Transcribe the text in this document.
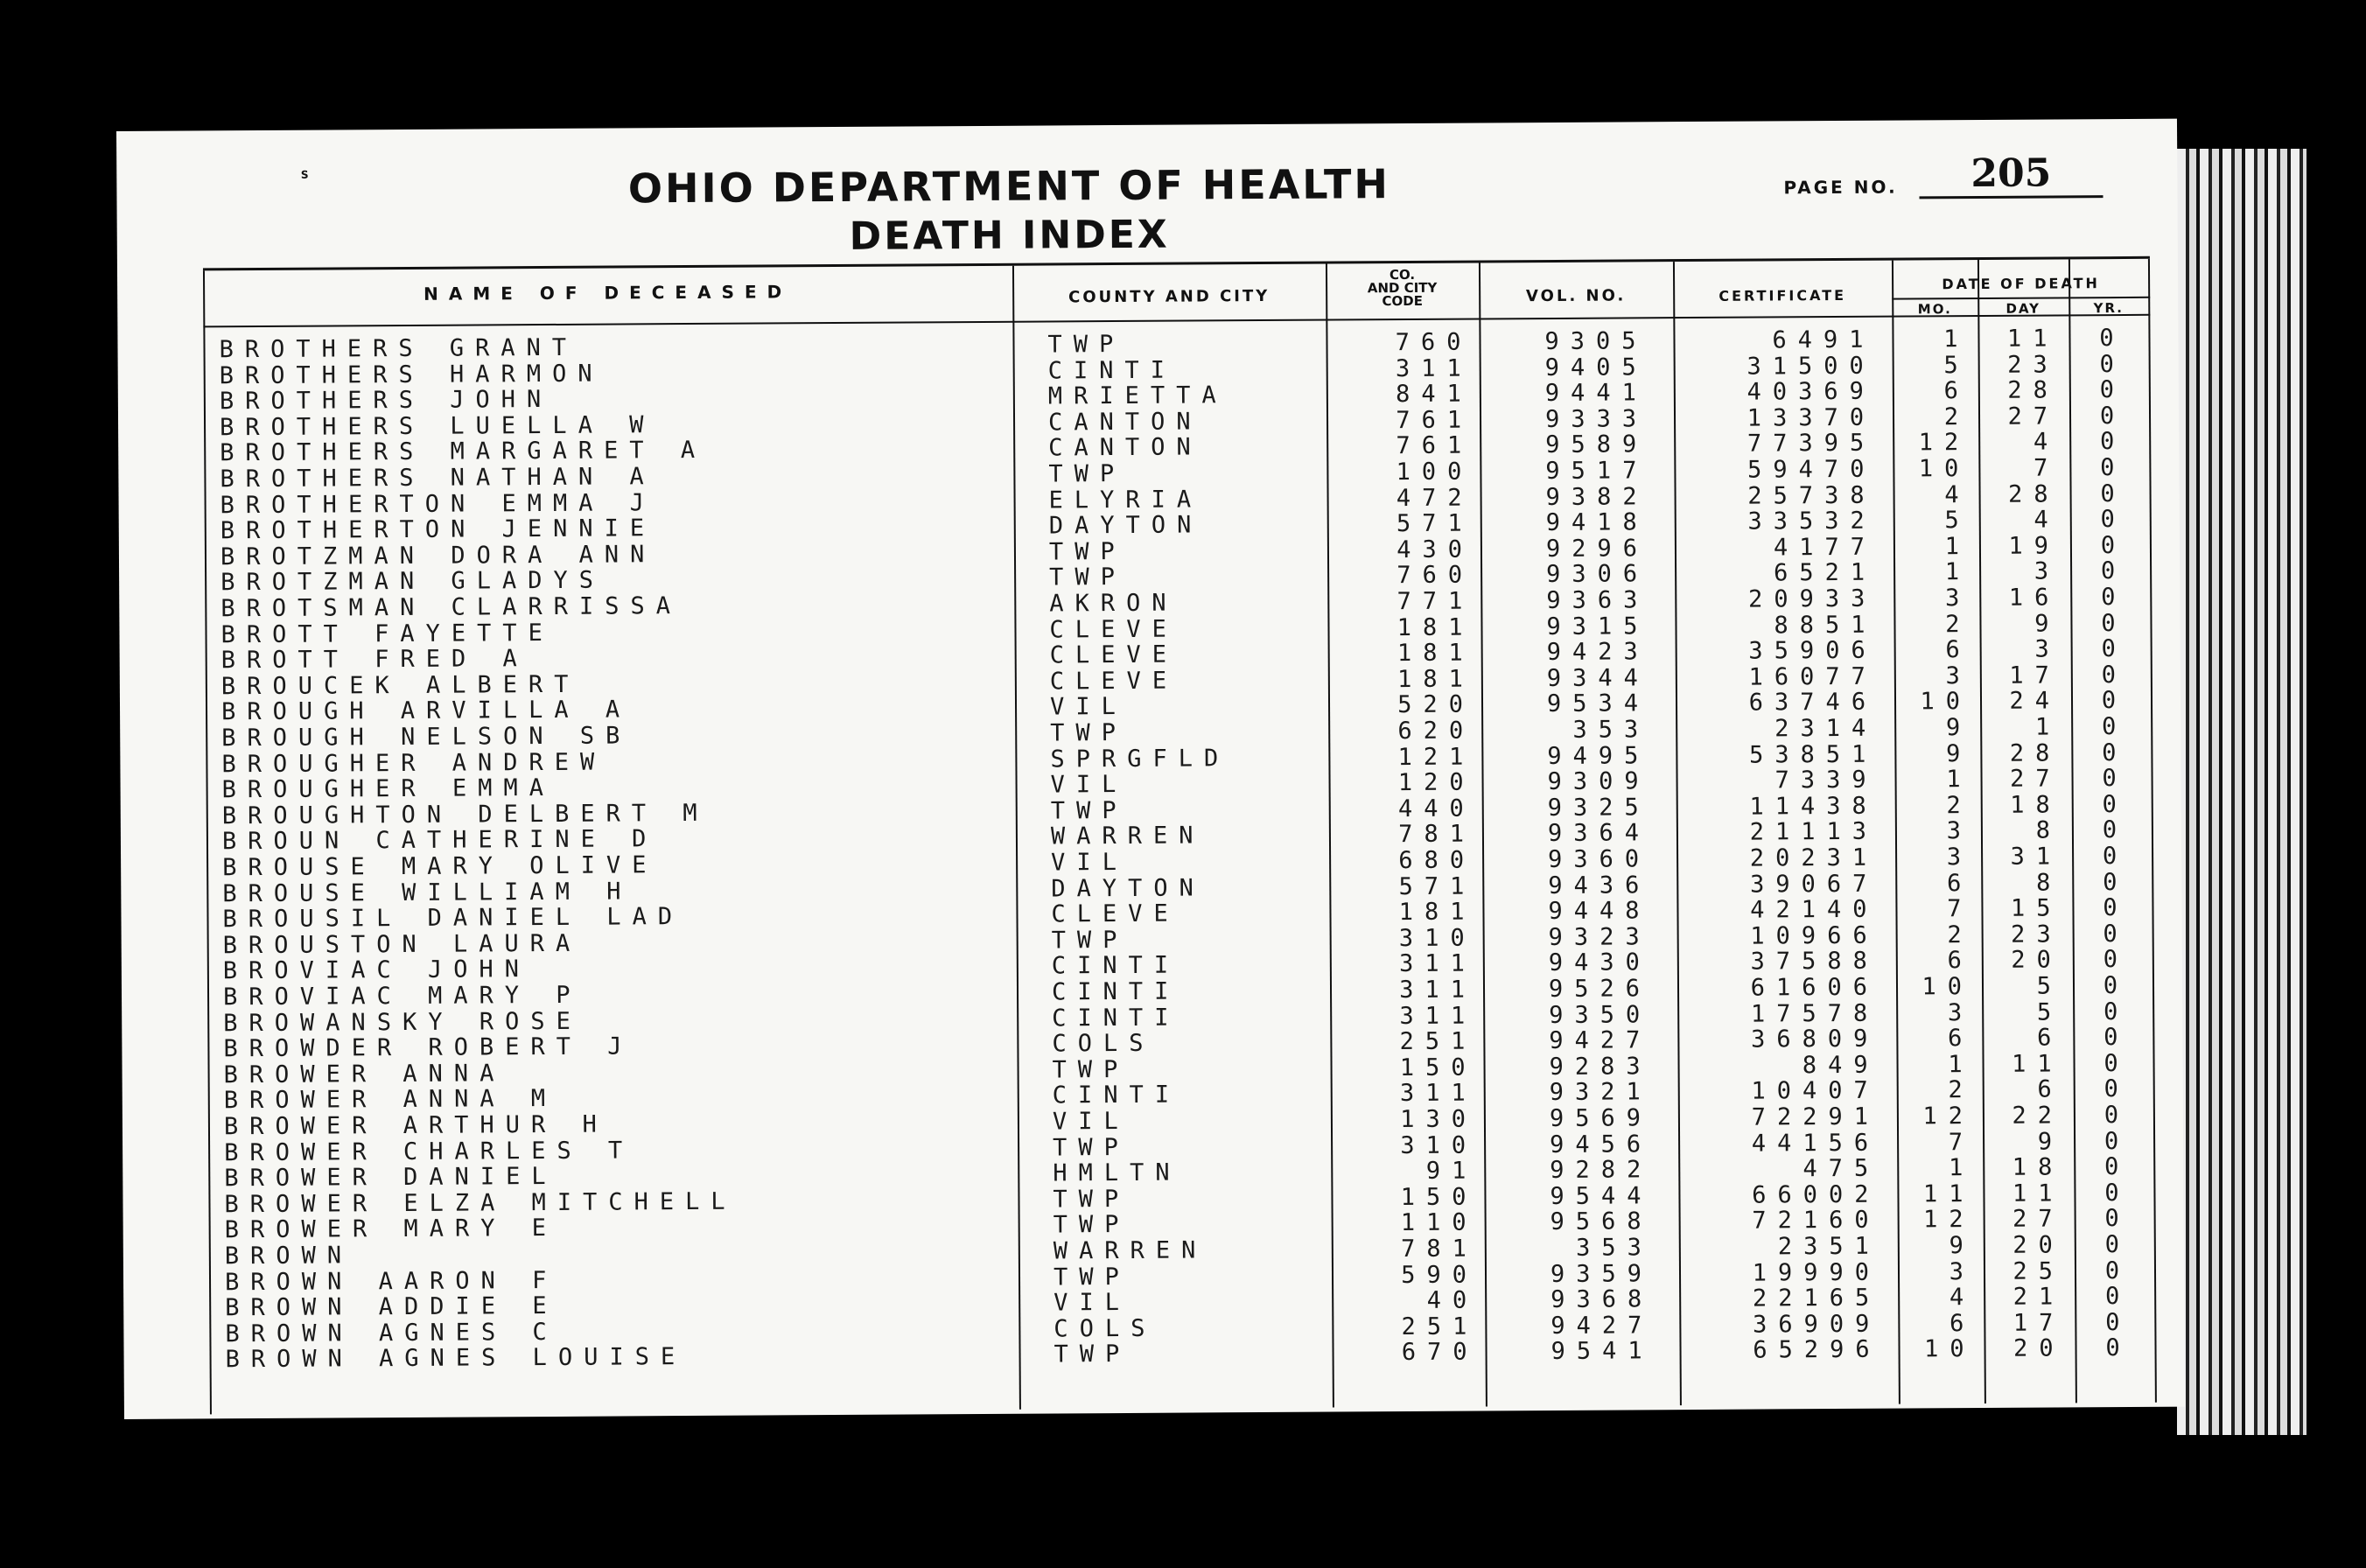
s	OHIO DEPARTMENT OF HEALTH
DEATH INDEX
PAGE NO.	205
NAME OF DECEASED	COUNTY AND CITY
CO.
AND CITY
CODE	VOL. NO.	CERTIFICATE
DATE OF DEATH
MO.	DAY	YR.
BROTHERS GRANT	TWP	760	9305	6491	1	11	0
BROTHERS HARMON	CINTI	311	9405	31500	5	23	0
BROTHERS JOHN	MRIETTA	841	9441	40369	6	28	0
BROTHERS LUELLA W	CANTON	761	9333	13370	2	27	0
BROTHERS MARGARET A	CANTON	761	9589	77395	12	4	0
BROTHERS NATHAN A	TWP	100	9517	59470	10	7	0
BROTHERTON EMMA J	ELYRIA	472	9382	25738	4	28	0
BROTHERTON JENNIE	DAYTON	571	9418	33532	5	4	0
BROTZMAN DORA ANN	TWP	430	9296	4177	1	19	0
BROTZMAN GLADYS	TWP	760	9306	6521	1	3	0
BROTSMAN CLARRISSA	AKRON	771	9363	20933	3	16	0
BROTT FAYETTE	CLEVE	181	9315	8851	2	9	0
BROTT FRED A	CLEVE	181	9423	35906	6	3	0
BROUCEK ALBERT	CLEVE	181	9344	16077	3	17	0
BROUGH ARVILLA A	VIL	520	9534	63746	10	24	0
BROUGH NELSON SB	TWP	620	353	2314	9	1	0
BROUGHER ANDREW	SPRGFLD	121	9495	53851	9	28	0
BROUGHER EMMA	VIL	120	9309	7339	1	27	0
BROUGHTON DELBERT M	TWP	440	9325	11438	2	18	0
BROUN CATHERINE D	WARREN	781	9364	21113	3	8	0
BROUSE MARY OLIVE	VIL	680	9360	20231	3	31	0
BROUSE WILLIAM H	DAYTON	571	9436	39067	6	8	0
BROUSIL DANIEL LAD	CLEVE	181	9448	42140	7	15	0
BROUSTON LAURA	TWP	310	9323	10966	2	23	0
BROVIAC JOHN	CINTI	311	9430	37588	6	20	0
BROVIAC MARY P	CINTI	311	9526	61606	10	5	0
BROWANSKY ROSE	CINTI	311	9350	17578	3	5	0
BROWDER ROBERT J	COLS	251	9427	36809	6	6	0
BROWER ANNA	TWP	150	9283	849	1	11	0
BROWER ANNA M	CINTI	311	9321	10407	2	6	0
BROWER ARTHUR H	VIL	130	9569	72291	12	22	0
BROWER CHARLES T	TWP	310	9456	44156	7	9	0
BROWER DANIEL	HMLTN	91	9282	475	1	18	0
BROWER ELZA MITCHELL	TWP	150	9544	66002	11	11	0
BROWER MARY E	TWP	110	9568	72160	12	27	0
BROWN	WARREN	781	353	2351	9	20	0
BROWN AARON F	TWP	590	9359	19990	3	25	0
BROWN ADDIE E	VIL	40	9368	22165	4	21	0
BROWN AGNES C	COLS	251	9427	36909	6	17	0
BROWN AGNES LOUISE	TWP	670	9541	65296	10	20	0
